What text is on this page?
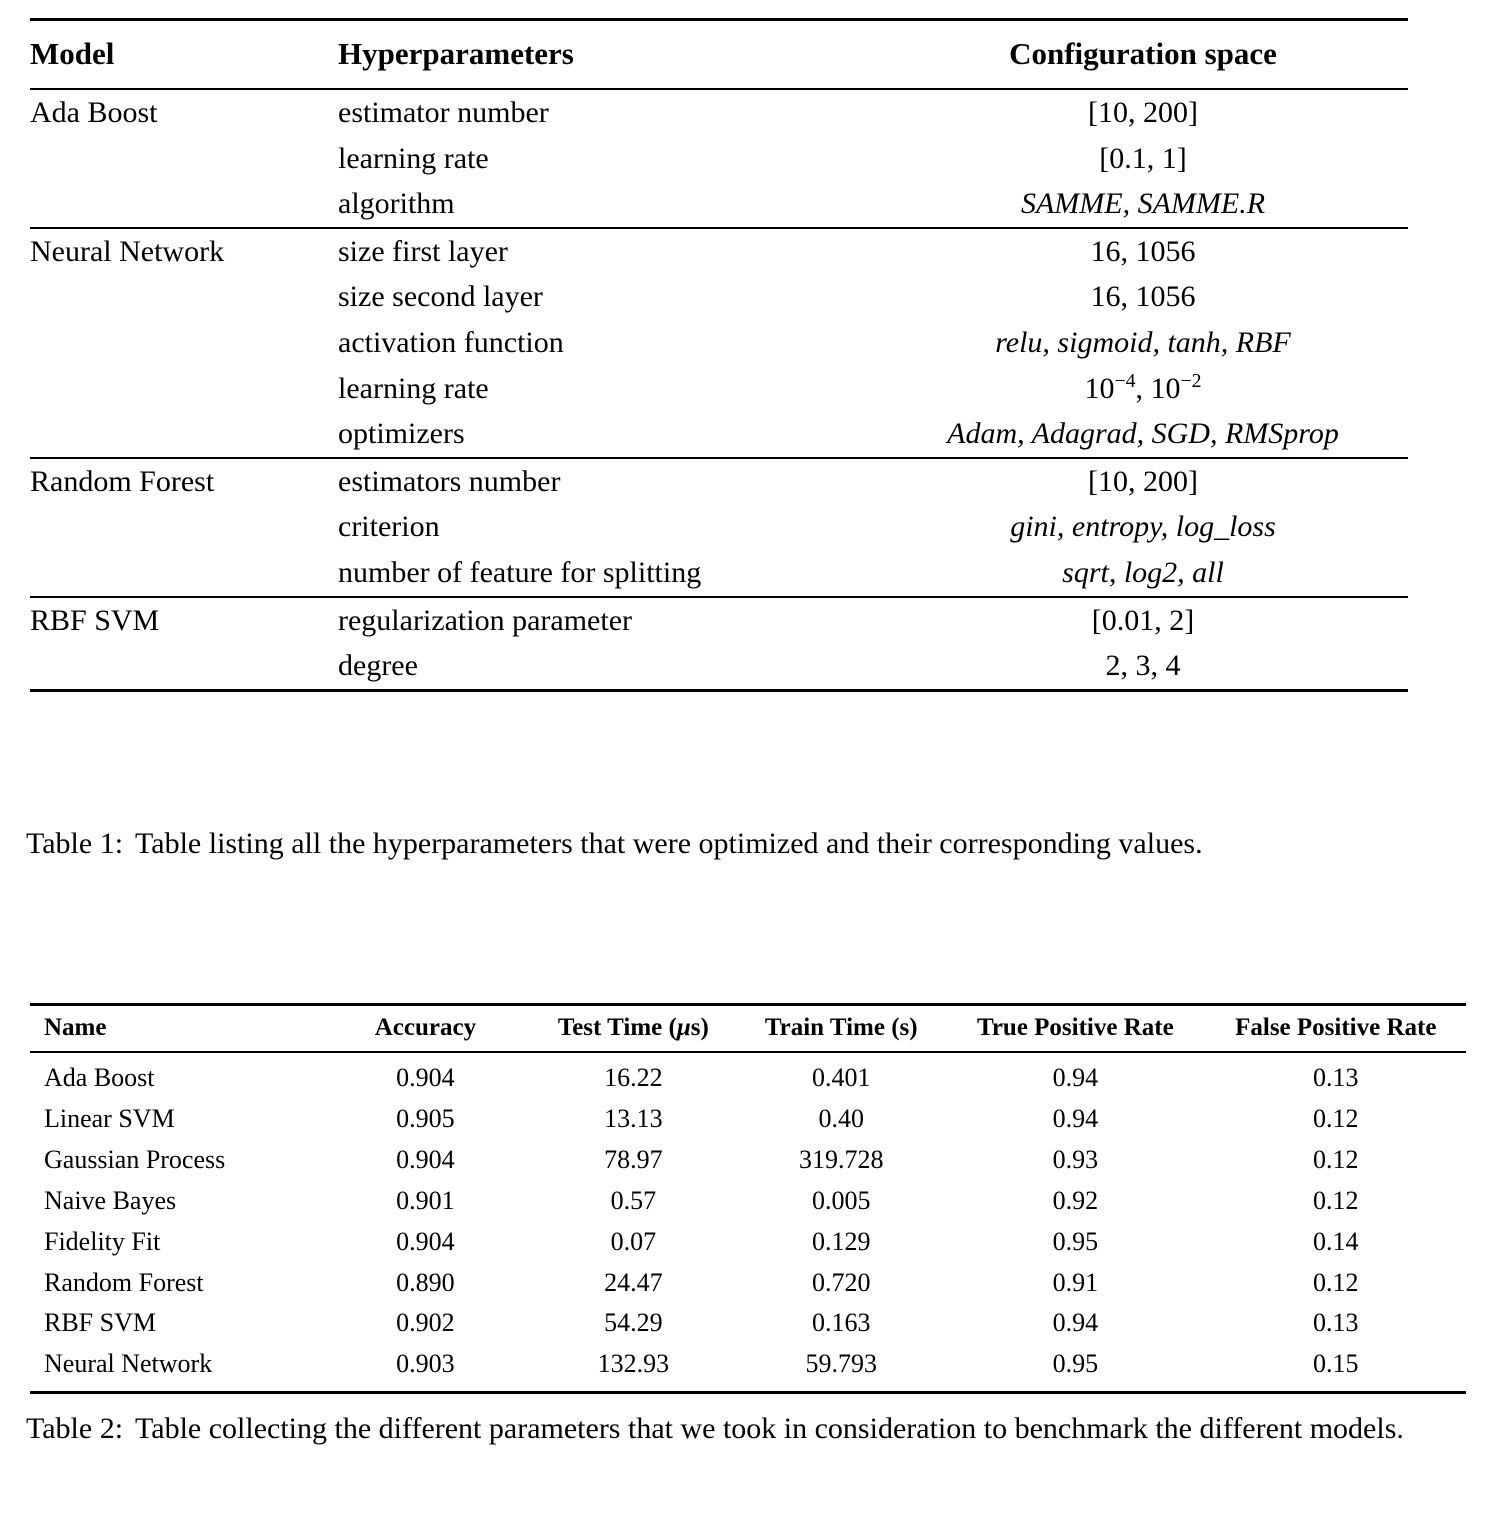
Model	Hyperparameters	Configuration space
Ada Boost	estimator number	[10, 200]
	learning rate	[0.1, 1]
	algorithm	SAMME, SAMME.R
Neural Network	size first layer	16, 1056
	size second layer	16, 1056
	activation function	relu, sigmoid, tanh, RBF
	learning rate	$10^{-4}$, $10^{-2}$
	optimizers	Adam, Adagrad, SGD, RMSprop
Random Forest	estimators number	[10, 200]
	criterion	gini, entropy, log_loss
	number of feature for splitting	sqrt, log2, all
RBF SVM	regularization parameter	[0.01, 2]
	degree	2, 3, 4
Table 1: Table listing all the hyperparameters that were optimized and their corresponding values.
Name	Accuracy	Test Time (μs)	Train Time (s)	True Positive Rate	False Positive Rate
Ada Boost	0.904	16.22	0.401	0.94	0.13
Linear SVM	0.905	13.13	0.40	0.94	0.12
Gaussian Process	0.904	78.97	319.728	0.93	0.12
Naive Bayes	0.901	0.57	0.005	0.92	0.12
Fidelity Fit	0.904	0.07	0.129	0.95	0.14
Random Forest	0.890	24.47	0.720	0.91	0.12
RBF SVM	0.902	54.29	0.163	0.94	0.13
Neural Network	0.903	132.93	59.793	0.95	0.15
Table 2: Table collecting the different parameters that we took in consideration to benchmark the different models.
